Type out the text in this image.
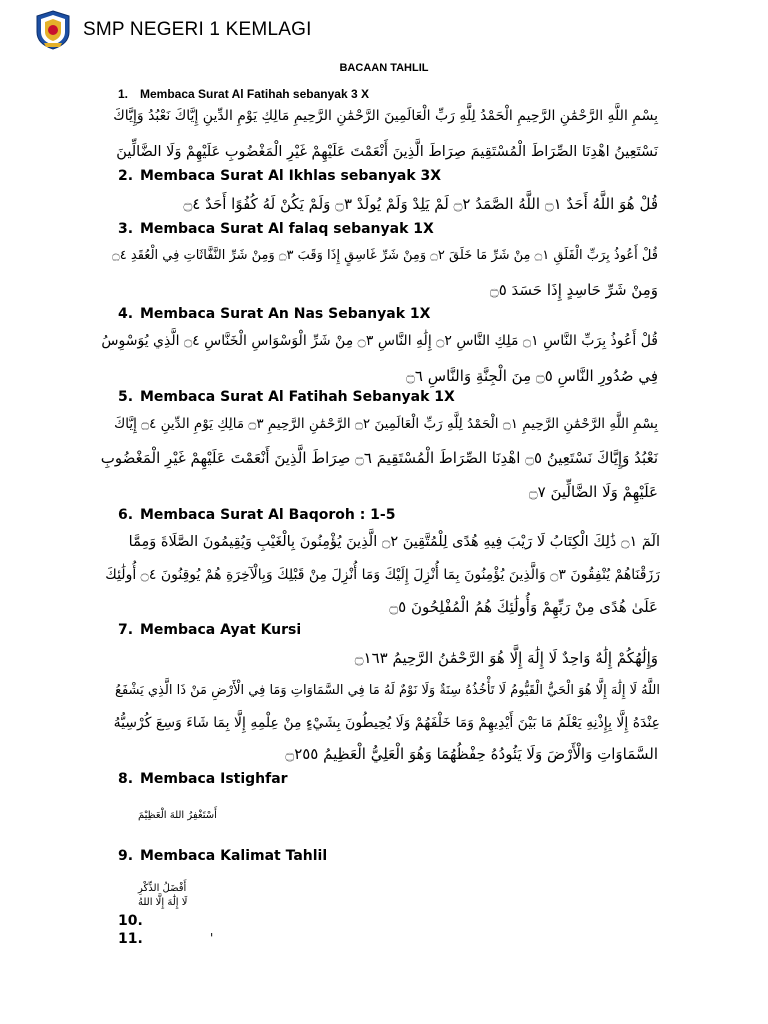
SMP NEGERI 1 KEMLAGI
BACAAN TAHLIL
1. Membaca Surat Al Fatihah sebanyak 3 X
بِسْمِ اللَّهِ الرَّحْمَٰنِ الرَّحِيمِ الْحَمْدُ لِلَّهِ رَبِّ الْعَالَمِينَ الرَّحْمَٰنِ الرَّحِيمِ مَالِكِ يَوْمِ الدِّينِ إِيَّاكَ نَعْبُدُ وَإِيَّاكَ
نَسْتَعِينُ اهْدِنَا الصِّرَاطَ الْمُسْتَقِيمَ صِرَاطَ الَّذِينَ أَنْعَمْتَ عَلَيْهِمْ غَيْرِ الْمَغْضُوبِ عَلَيْهِمْ وَلَا الضَّالِّينَ
2. Membaca Surat Al Ikhlas sebanyak 3X
قُلْ هُوَ اللَّهُ أَحَدٌ ۝١ اللَّهُ الصَّمَدُ ۝٢ لَمْ يَلِدْ وَلَمْ يُولَدْ ۝٣ وَلَمْ يَكُنْ لَهُ كُفُوًا أَحَدٌ ۝٤
3. Membaca Surat Al falaq sebanyak 1X
قُلْ أَعُوذُ بِرَبِّ الْفَلَقِ ۝١ مِنْ شَرِّ مَا خَلَقَ ۝٢ وَمِنْ شَرِّ غَاسِقٍ إِذَا وَقَبَ ۝٣ وَمِنْ شَرِّ النَّفَّاثَاتِ فِي الْعُقَدِ ۝٤
وَمِنْ شَرِّ حَاسِدٍ إِذَا حَسَدَ ۝٥
4. Membaca Surat An Nas Sebanyak 1X
قُلْ أَعُوذُ بِرَبِّ النَّاسِ ۝١ مَلِكِ النَّاسِ ۝٢ إِلَٰهِ النَّاسِ ۝٣ مِنْ شَرِّ الْوَسْوَاسِ الْخَنَّاسِ ۝٤ الَّذِي يُوَسْوِسُ
فِي صُدُورِ النَّاسِ ۝٥ مِنَ الْجِنَّةِ وَالنَّاسِ ۝٦
5. Membaca Surat Al Fatihah Sebanyak 1X
بِسْمِ اللَّهِ الرَّحْمَٰنِ الرَّحِيمِ ۝١ الْحَمْدُ لِلَّهِ رَبِّ الْعَالَمِينَ ۝٢ الرَّحْمَٰنِ الرَّحِيمِ ۝٣ مَالِكِ يَوْمِ الدِّينِ ۝٤ إِيَّاكَ
نَعْبُدُ وَإِيَّاكَ نَسْتَعِينُ ۝٥ اهْدِنَا الصِّرَاطَ الْمُسْتَقِيمَ ۝٦ صِرَاطَ الَّذِينَ أَنْعَمْتَ عَلَيْهِمْ غَيْرِ الْمَغْضُوبِ
عَلَيْهِمْ وَلَا الضَّالِّينَ ۝٧
6. Membaca Surat Al Baqoroh : 1-5
الٓمٓ ۝١ ذَٰلِكَ الْكِتَابُ لَا رَيْبَ فِيهِ هُدًى لِلْمُتَّقِينَ ۝٢ الَّذِينَ يُؤْمِنُونَ بِالْغَيْبِ وَيُقِيمُونَ الصَّلَاةَ وَمِمَّا
رَزَقْنَاهُمْ يُنْفِقُونَ ۝٣ وَالَّذِينَ يُؤْمِنُونَ بِمَا أُنْزِلَ إِلَيْكَ وَمَا أُنْزِلَ مِنْ قَبْلِكَ وَبِالْآخِرَةِ هُمْ يُوقِنُونَ ۝٤ أُولَٰئِكَ
عَلَىٰ هُدًى مِنْ رَبِّهِمْ وَأُولَٰئِكَ هُمُ الْمُفْلِحُونَ ۝٥
7. Membaca Ayat Kursi
وَإِلَٰهُكُمْ إِلَٰهٌ وَاحِدٌ لَا إِلَٰهَ إِلَّا هُوَ الرَّحْمَٰنُ الرَّحِيمُ ۝١٦٣
اللَّهُ لَا إِلَٰهَ إِلَّا هُوَ الْحَيُّ الْقَيُّومُ لَا تَأْخُذُهُ سِنَةٌ وَلَا نَوْمٌ لَهُ مَا فِي السَّمَاوَاتِ وَمَا فِي الْأَرْضِ مَنْ ذَا الَّذِي يَشْفَعُ
عِنْدَهُ إِلَّا بِإِذْنِهِ يَعْلَمُ مَا بَيْنَ أَيْدِيهِمْ وَمَا خَلْفَهُمْ وَلَا يُحِيطُونَ بِشَيْءٍ مِنْ عِلْمِهِ إِلَّا بِمَا شَاءَ وَسِعَ كُرْسِيُّهُ
السَّمَاوَاتِ وَالْأَرْضَ وَلَا يَئُودُهُ حِفْظُهُمَا وَهُوَ الْعَلِيُّ الْعَظِيمُ ۝٢٥٥
8. Membaca Istighfar
أَسْتَغْفِرُ اللهَ الْعَظِيْمَ
9. Membaca Kalimat Tahlil
أَفْضَلُ الذِّكْرِ
لَا إِلَٰهَ إِلَّا اللهُ
10.
11.	'
